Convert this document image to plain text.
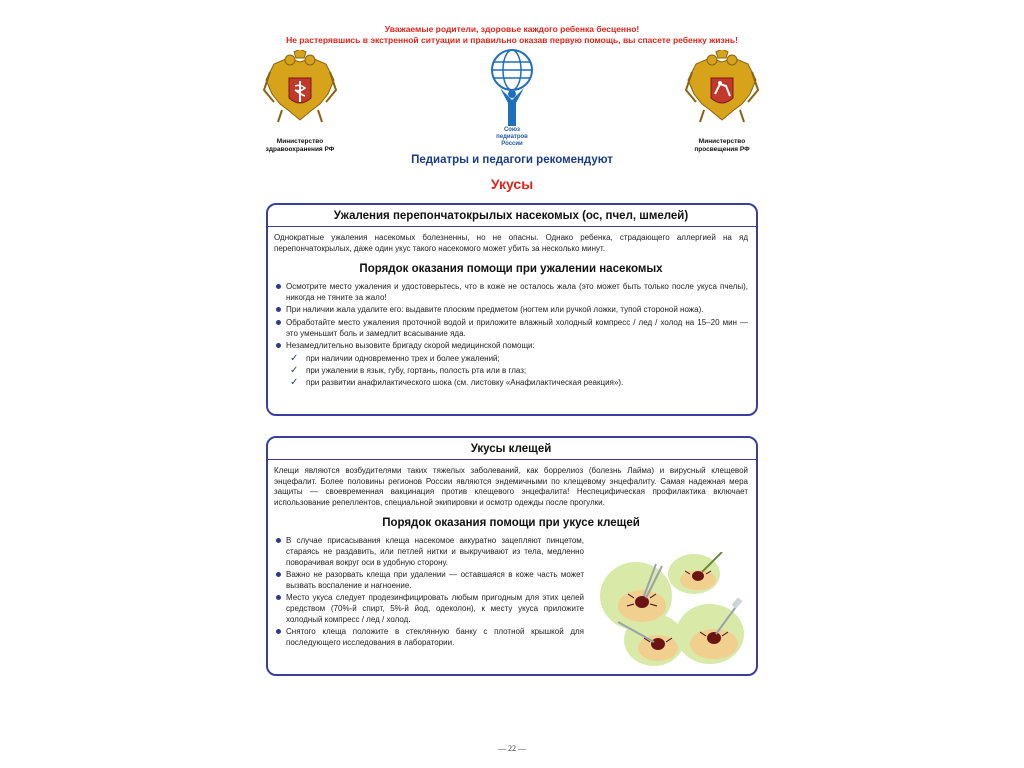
Уважаемые родители, здоровье каждого ребенка бесценно!
Не растерявшись в экстренной ситуации и правильно оказав первую помощь, вы спасете ребенку жизнь!
Министерство
здравоохранения РФ
Союз
педиатров
России	Министерство
просвещения РФ
Педиатры и педагоги рекомендуют
Укусы
Ужаления перепончатокрылых насекомых (ос, пчел, шмелей)
Однократные ужаления насекомых болезненны, но не опасны. Однако ребенка, страдающего аллергией на яд перепончатокрылых, даже один укус такого насекомого может убить за несколько минут.
Порядок оказания помощи при ужалении насекомых
Осмотрите место ужаления и удостоверьтесь, что в коже не осталось жала (это может быть только после укуса пчелы), никогда не тяните за жало!
При наличии жала удалите его: выдавите плоским предметом (ногтем или ручкой ложки, тупой стороной ножа).
Обработайте место ужаления проточной водой и приложите влажный холодный компресс / лед / холод на 15–20 мин — это уменьшит боль и замедлит всасывание яда.
Незамедлительно вызовите бригаду скорой медицинской помощи:
✓ при наличии одновременно трех и более ужалений;
✓ при ужалении в язык, губу, гортань, полость рта или в глаз;
✓ при развитии анафилактического шока (см. листовку «Анафилактическая реакция»).
Укусы клещей
Клещи являются возбудителями таких тяжелых заболеваний, как боррелиоз (болезнь Лайма) и вирусный клещевой энцефалит. Более половины регионов России являются эндемичными по клещевому энцефалиту. Самая надежная мера защиты — своевременная вакцинация против клещевого энцефалита! Неспецифическая профилактика включает использование репеллентов, специальной экипировки и осмотр одежды после прогулки.
Порядок оказания помощи при укусе клещей
В случае присасывания клеща насекомое аккуратно зацепляют пинцетом, стараясь не раздавить, или петлей нитки и выкручивают из тела, медленно поворачивая вокруг оси в удобную сторону.
Важно не разорвать клеща при удалении — оставшаяся в коже часть может вызвать воспаление и нагноение.
Место укуса следует продезинфицировать любым пригодным для этих целей средством (70%-й спирт, 5%-й йод, одеколон), к месту укуса приложите холодный компресс / лед / холод.
Снятого клеща положите в стеклянную банку с плотной крышкой для последующего исследования в лаборатории.
— 22 —
